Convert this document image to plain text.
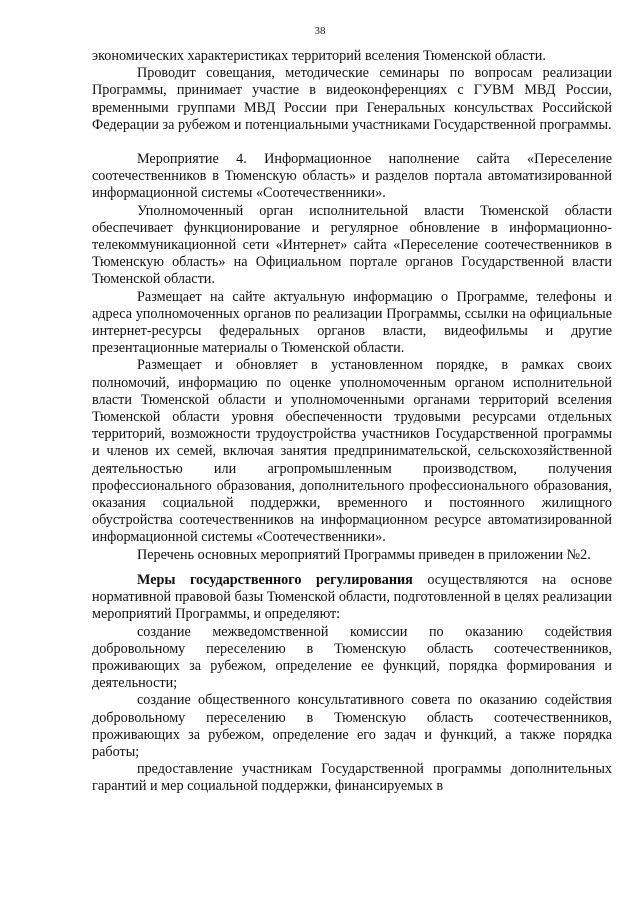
38

экономических характеристиках территорий вселения Тюменской области.

Проводит совещания, методические семинары по вопросам реализации Программы, принимает участие в видеоконференциях с ГУВМ МВД России, временными группами МВД России при Генеральных консульствах Российской Федерации за рубежом и потенциальными участниками Государственной программы.

Мероприятие 4. Информационное наполнение сайта «Переселение соотечественников в Тюменскую область» и разделов портала автоматизированной информационной системы «Соотечественники».

Уполномоченный орган исполнительной власти Тюменской области обеспечивает функционирование и регулярное обновление в информационно-телекоммуникационной сети «Интернет» сайта «Переселение соотечественников в Тюменскую область» на Официальном портале органов Государственной власти Тюменской области.

Размещает на сайте актуальную информацию о Программе, телефоны и адреса уполномоченных органов по реализации Программы, ссылки на официальные интернет-ресурсы федеральных органов власти, видеофильмы и другие презентационные материалы о Тюменской области.

Размещает и обновляет в установленном порядке, в рамках своих полномочий, информацию по оценке уполномоченным органом исполнительной власти Тюменской области и уполномоченными органами территорий вселения Тюменской области уровня обеспеченности трудовыми ресурсами отдельных территорий, возможности трудоустройства участников Государственной программы и членов их семей, включая занятия предпринимательской, сельскохозяйственной деятельностью или агропромышленным производством, получения профессионального образования, дополнительного профессионального образования, оказания социальной поддержки, временного и постоянного жилищного обустройства соотечественников на информационном ресурсе автоматизированной информационной системы «Соотечественники».

Перечень основных мероприятий Программы приведен в приложении №2.

Меры государственного регулирования осуществляются на основе нормативной правовой базы Тюменской области, подготовленной в целях реализации мероприятий Программы, и определяют:

создание межведомственной комиссии по оказанию содействия добровольному переселению в Тюменскую область соотечественников, проживающих за рубежом, определение ее функций, порядка формирования и деятельности;

создание общественного консультативного совета по оказанию содействия добровольному переселению в Тюменскую область соотечественников, проживающих за рубежом, определение его задач и функций, а также порядка работы;

предоставление участникам Государственной программы дополнительных гарантий и мер социальной поддержки, финансируемых в
